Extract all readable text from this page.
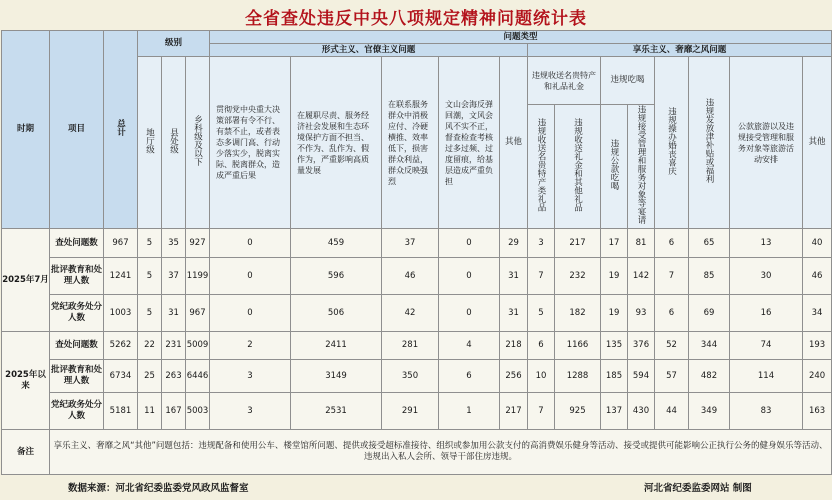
全省查处违反中央八项规定精神问题统计表
时期	项目	总计	级别			问题类型												
						形式主义、官僚主义问题					享乐主义、奢靡之风问题							
			地厅级	县处级	乡科级及以下	贯彻党中央重大决策部署有令不行、有禁不止，或者表态多调门高、行动少落实少，脱离实际、脱离群众，造成严重后果	在履职尽责、服务经济社会发展和生态环境保护方面不担当、不作为、乱作为、假作为，严重影响高质量发展	在联系服务群众中消极应付、冷硬横推、效率低下，损害群众利益，群众反映强烈	文山会海反弹回潮，文风会风不实不正，督查检查考核过多过频、过度留痕，给基层造成严重负担	其他	违规收送名贵特产和礼品礼金		违规吃喝		违规操办婚丧喜庆	违规发放津补贴或福利	公款旅游以及违规接受管理和服务对象等旅游活动安排	其他
											违规收送名贵特产类礼品	违规收送礼金和其他礼品	违规公款吃喝	违规接受管理和服务对象等宴请				
2025年7月	查处问题数	967	5	35	927	0	459	37	0	29	3	217	17	81	6	65	13	40
	批评教育和处理人数	1241	5	37	1199	0	596	46	0	31	7	232	19	142	7	85	30	46
	党纪政务处分人数	1003	5	31	967	0	506	42	0	31	5	182	19	93	6	69	16	34
2025年以来	查处问题数	5262	22	231	5009	2	2411	281	4	218	6	1166	135	376	52	344	74	193
	批评教育和处理人数	6734	25	263	6446	3	3149	350	6	256	10	1288	185	594	57	482	114	240
	党纪政务处分人数	5181	11	167	5003	3	2531	291	1	217	7	925	137	430	44	349	83	163
备注	享乐主义、奢靡之风“其他”问题包括：违规配备和使用公车、楼堂馆所问题、提供或接受超标准接待、组织或参加用公款支付的高消费娱乐健身等活动、接受或提供可能影响公正执行公务的健身娱乐等活动、违规出入私人会所、领导干部住房违规。																	
数据来源：河北省纪委监委党风政风监督室	河北省纪委监委网站 制图
